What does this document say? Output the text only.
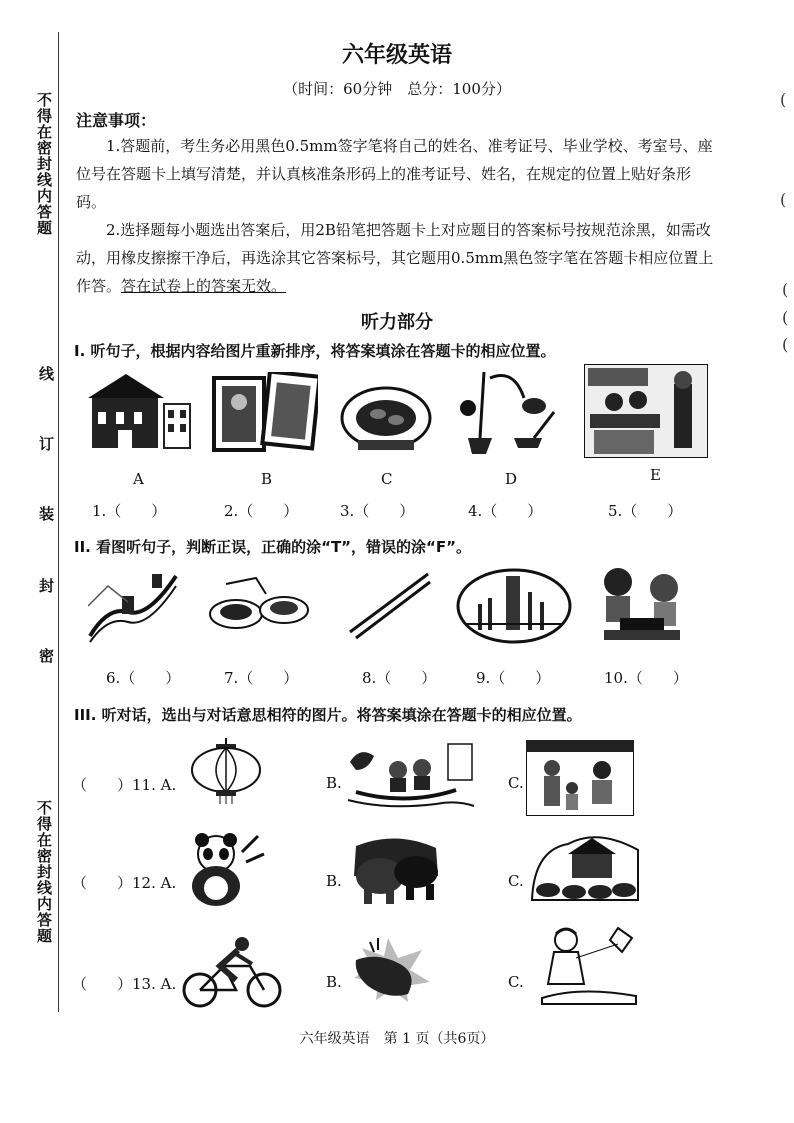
不得在密封线内答题
不得在密封线内答题
线
订
装
封
密
(
(
(
(
(
六年级英语
（时间：60分钟　总分：100分）
注意事项：
1.答题前，考生务必用黑色0.5mm签字笔将自己的姓名、准考证号、毕业学校、考室号、座位号在答题卡上填写清楚，并认真核准条形码上的准考证号、姓名，在规定的位置上贴好条形码。
2.选择题每小题选出答案后，用2B铅笔把答题卡上对应题目的答案标号按规范涂黑，如需改动，用橡皮擦擦干净后，再选涂其它答案标号，其它题用0.5mm黑色签字笔在答题卡相应位置上作答。答在试卷上的答案无效。
听力部分
I. 听句子，根据内容给图片重新排序，将答案填涂在答题卡的相应位置。
A	B	C	D	E
1.（　　）	2.（　　）	3.（　　）	4.（　　）	5.（　　）
II. 看图听句子，判断正误，正确的涂“T”，错误的涂“F”。
6.（　　）	7.（　　）	8.（　　）	9.（　　）	10.（　　）
III. 听对话，选出与对话意思相符的图片。将答案填涂在答题卡的相应位置。
（　　）11. A.	B.	C.
（　　）12. A.	B.	C.
（　　）13. A.	B.	C.
六年级英语　第 1 页（共6页）
